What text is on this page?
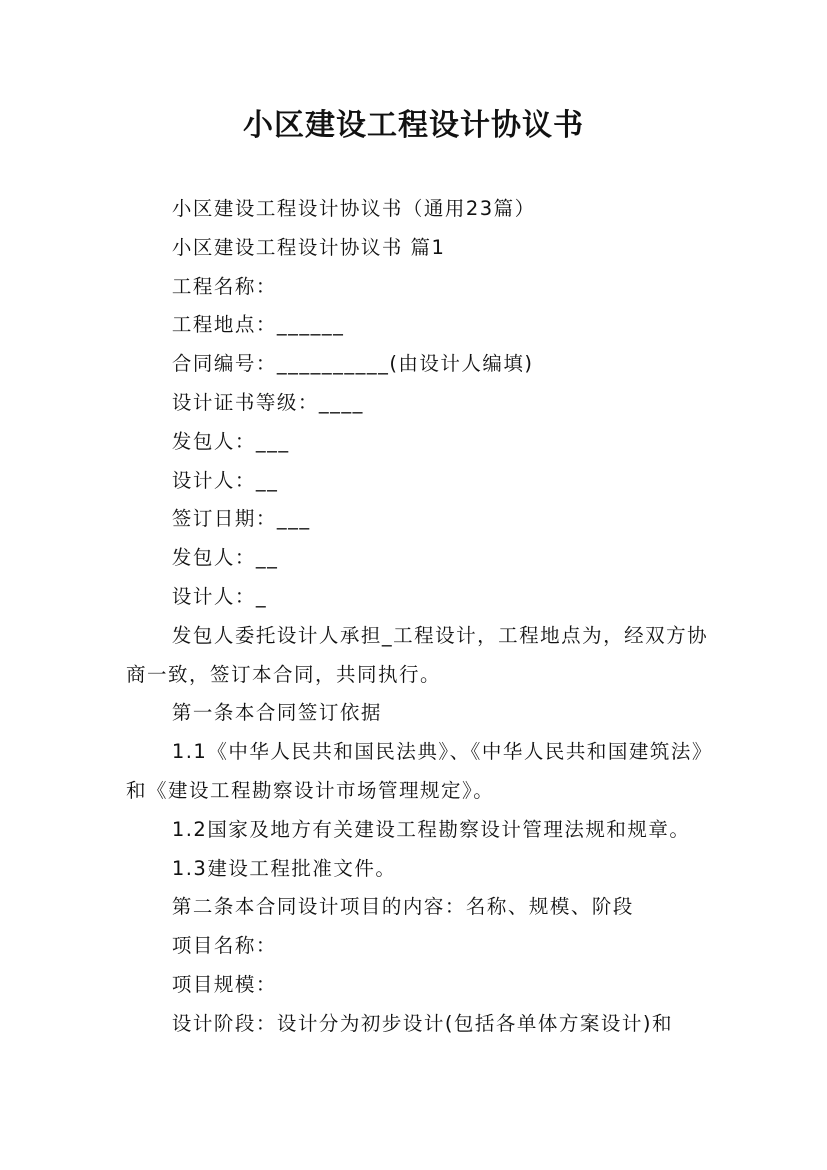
小区建设工程设计协议书

小区建设工程设计协议书（通用23篇）

小区建设工程设计协议书 篇1

工程名称：

工程地点：______

合同编号：__________(由设计人编填)

设计证书等级：____

发包人：___

设计人：__

签订日期：___

发包人：__

设计人：_

发包人委托设计人承担_工程设计，工程地点为，经双方协商一致，签订本合同，共同执行。

第一条本合同签订依据

1.1《中华人民共和国民法典》、《中华人民共和国建筑法》和《建设工程勘察设计市场管理规定》。

1.2国家及地方有关建设工程勘察设计管理法规和规章。

1.3建设工程批准文件。

第二条本合同设计项目的内容：名称、规模、阶段

项目名称：

项目规模：

设计阶段：设计分为初步设计(包括各单体方案设计)和
